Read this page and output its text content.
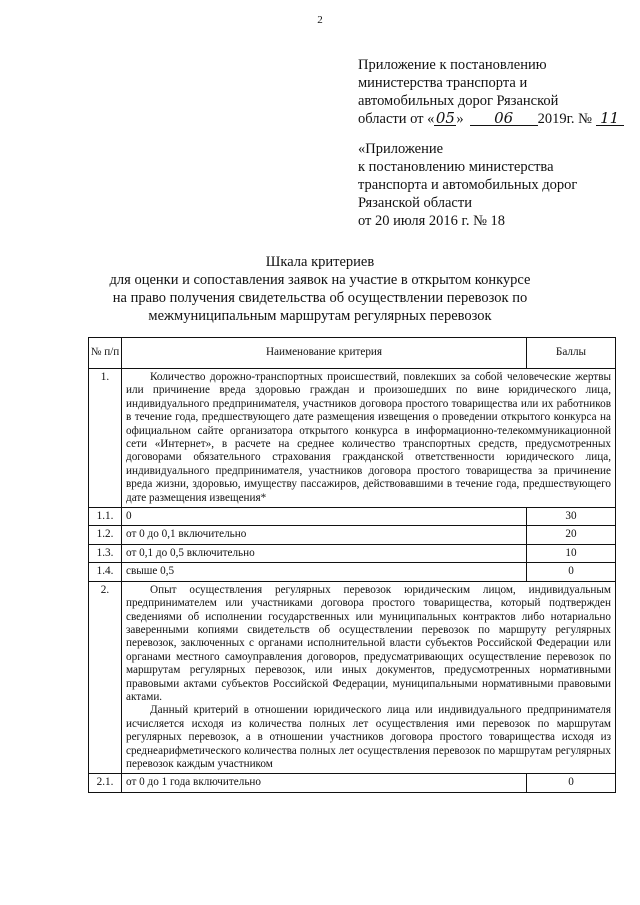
2
Приложение к постановлению
министерства транспорта и
автомобильных дорог Рязанской
области от «05» 06 2019г. № 11
«Приложение
к постановлению министерства
транспорта и автомобильных дорог
Рязанской области
от 20 июля 2016 г. № 18
Шкала критериев
для оценки и сопоставления заявок на участие в открытом конкурсе
на право получения свидетельства об осуществлении перевозок по
межмуниципальным маршрутам регулярных перевозок
№ п/п	Наименование критерия	Баллы
1.	Количество дорожно-транспортных происшествий, повлекших за собой человеческие жертвы или причинение вреда здоровью граждан и произошедших по вине юридического лица, индивидуального предпринимателя, участников договора простого товарищества или их работников в течение года, предшествующего дате размещения извещения о проведении открытого конкурса на официальном сайте организатора открытого конкурса в информационно-телекоммуникационной сети «Интернет», в расчете на среднее количество транспортных средств, предусмотренных договорами обязательного страхования гражданской ответственности юридического лица, индивидуального предпринимателя, участников договора простого товарищества за причинение вреда жизни, здоровью, имуществу пассажиров, действовавшими в течение года, предшествующего дате размещения извещения*	

1.1.	0	30
1.2.	от 0 до 0,1 включительно	20
1.3.	от 0,1 до 0,5 включительно	10
1.4.	свыше 0,5	0
2.	Опыт осуществления регулярных перевозок юридическим лицом, индивидуальным предпринимателем или участниками договора простого товарищества, который подтвержден сведениями об исполнении государственных или муниципальных контрактов либо нотариально заверенными копиями свидетельств об осуществлении перевозок по маршруту регулярных перевозок, заключенных с органами исполнительной власти субъектов Российской Федерации или органами местного самоуправления договоров, предусматривающих осуществление перевозок по маршрутам регулярных перевозок, или иных документов, предусмотренных нормативными правовыми актами субъектов Российской Федерации, муниципальными нормативными правовыми актами.

Данный критерий в отношении юридического лица или индивидуального предпринимателя исчисляется исходя из количества полных лет осуществления ими перевозок по маршрутам регулярных перевозок, а в отношении участников договора простого товарищества исходя из среднеарифметического количества полных лет осуществления перевозок по маршрутам регулярных перевозок каждым участником	

2.1.	от 0 до 1 года включительно	0
